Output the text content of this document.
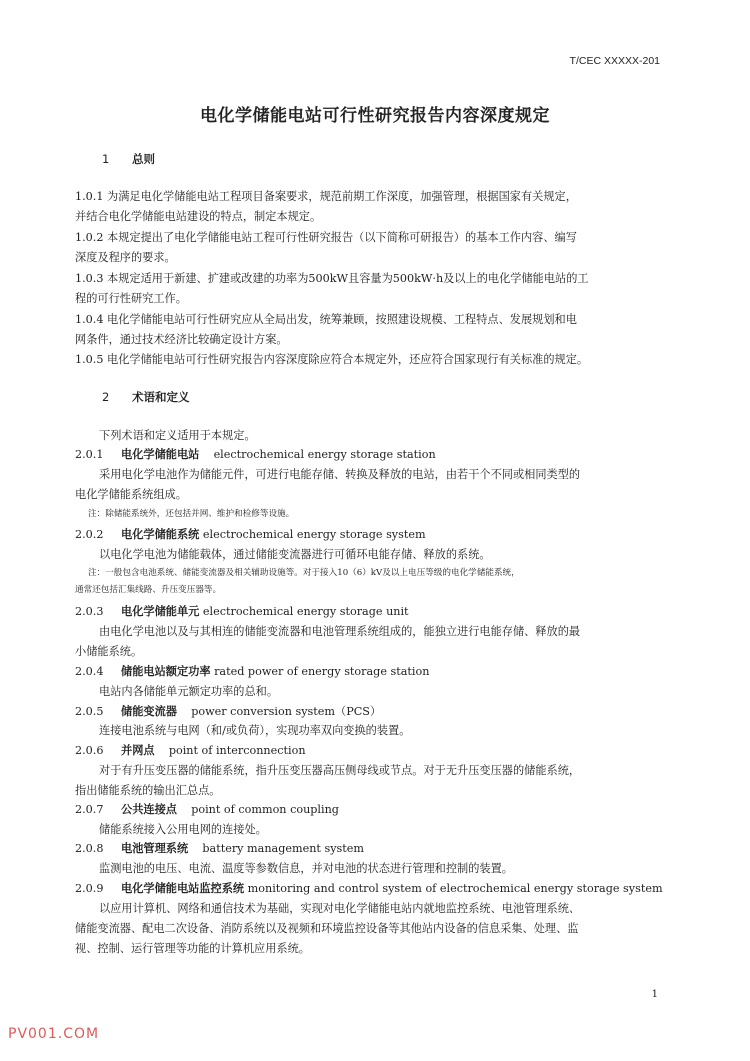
T/CEC XXXXX-201
电化学储能电站可行性研究报告内容深度规定
1 总则
1.0.1 为满足电化学储能电站工程项目备案要求，规范前期工作深度，加强管理，根据国家有关规定，
并结合电化学储能电站建设的特点，制定本规定。
1.0.2 本规定提出了电化学储能电站工程可行性研究报告（以下简称可研报告）的基本工作内容、编写
深度及程序的要求。
1.0.3 本规定适用于新建、扩建或改建的功率为500kW且容量为500kW·h及以上的电化学储能电站的工
程的可行性研究工作。
1.0.4 电化学储能电站可行性研究应从全局出发，统筹兼顾，按照建设规模、工程特点、发展规划和电
网条件，通过技术经济比较确定设计方案。
1.0.5 电化学储能电站可行性研究报告内容深度除应符合本规定外，还应符合国家现行有关标准的规定。
2 术语和定义
下列术语和定义适用于本规定。
2.0.1 电化学储能电站 electrochemical energy storage station
采用电化学电池作为储能元件，可进行电能存储、转换及释放的电站，由若干个不同或相同类型的
电化学储能系统组成。
注：除储能系统外，还包括并网、维护和检修等设施。
2.0.2 电化学储能系统 electrochemical energy storage system
以电化学电池为储能载体，通过储能变流器进行可循环电能存储、释放的系统。
注：一般包含电池系统、储能变流器及相关辅助设施等。对于接入10（6）kV及以上电压等级的电化学储能系统，
通常还包括汇集线路、升压变压器等。
2.0.3 电化学储能单元 electrochemical energy storage unit
由电化学电池以及与其相连的储能变流器和电池管理系统组成的，能独立进行电能存储、释放的最
小储能系统。
2.0.4 储能电站额定功率 rated power of energy storage station
电站内各储能单元额定功率的总和。
2.0.5 储能变流器 power conversion system（PCS）
连接电池系统与电网（和/或负荷），实现功率双向变换的装置。
2.0.6 并网点 point of interconnection
对于有升压变压器的储能系统，指升压变压器高压侧母线或节点。对于无升压变压器的储能系统，
指出储能系统的输出汇总点。
2.0.7 公共连接点 point of common coupling
储能系统接入公用电网的连接处。
2.0.8 电池管理系统 battery management system
监测电池的电压、电流、温度等参数信息，并对电池的状态进行管理和控制的装置。
2.0.9 电化学储能电站监控系统 monitoring and control system of electrochemical energy storage system
以应用计算机、网络和通信技术为基础，实现对电化学储能电站内就地监控系统、电池管理系统、
储能变流器、配电二次设备、消防系统以及视频和环境监控设备等其他站内设备的信息采集、处理、监
视、控制、运行管理等功能的计算机应用系统。
1
PV001.COM
